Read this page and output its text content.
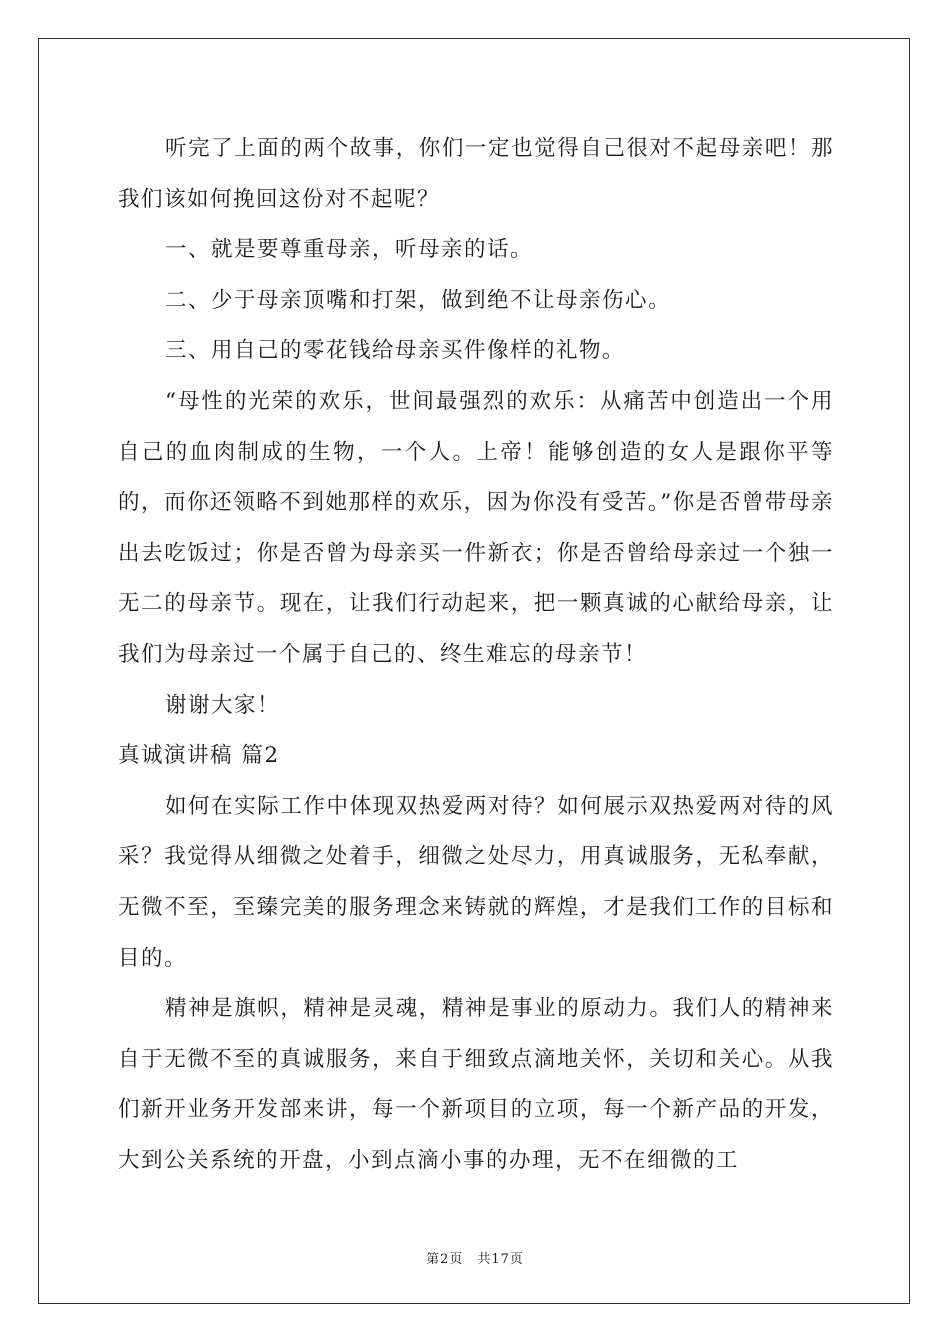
听完了上面的两个故事，你们一定也觉得自己很对不起母亲吧！那我们该如何挽回这份对不起呢？

一、就是要尊重母亲，听母亲的话。

二、少于母亲顶嘴和打架，做到绝不让母亲伤心。

三、用自己的零花钱给母亲买件像样的礼物。

“母性的光荣的欢乐，世间最强烈的欢乐：从痛苦中创造出一个用自己的血肉制成的生物，一个人。上帝！能够创造的女人是跟你平等的，而你还领略不到她那样的欢乐，因为你没有受苦。”你是否曾带母亲出去吃饭过；你是否曾为母亲买一件新衣；你是否曾给母亲过一个独一无二的母亲节。现在，让我们行动起来，把一颗真诚的心献给母亲，让我们为母亲过一个属于自己的、终生难忘的母亲节！

谢谢大家！

真诚演讲稿 篇2

如何在实际工作中体现双热爱两对待？如何展示双热爱两对待的风采？我觉得从细微之处着手，细微之处尽力，用真诚服务，无私奉献，无微不至，至臻完美的服务理念来铸就的辉煌，才是我们工作的目标和目的。

精神是旗帜，精神是灵魂，精神是事业的原动力。我们人的精神来自于无微不至的真诚服务，来自于细致点滴地关怀，关切和关心。从我们新开业务开发部来讲，每一个新项目的立项，每一个新产品的开发，大到公关系统的开盘，小到点滴小事的办理，无不在细微的工

第2页　共17页
